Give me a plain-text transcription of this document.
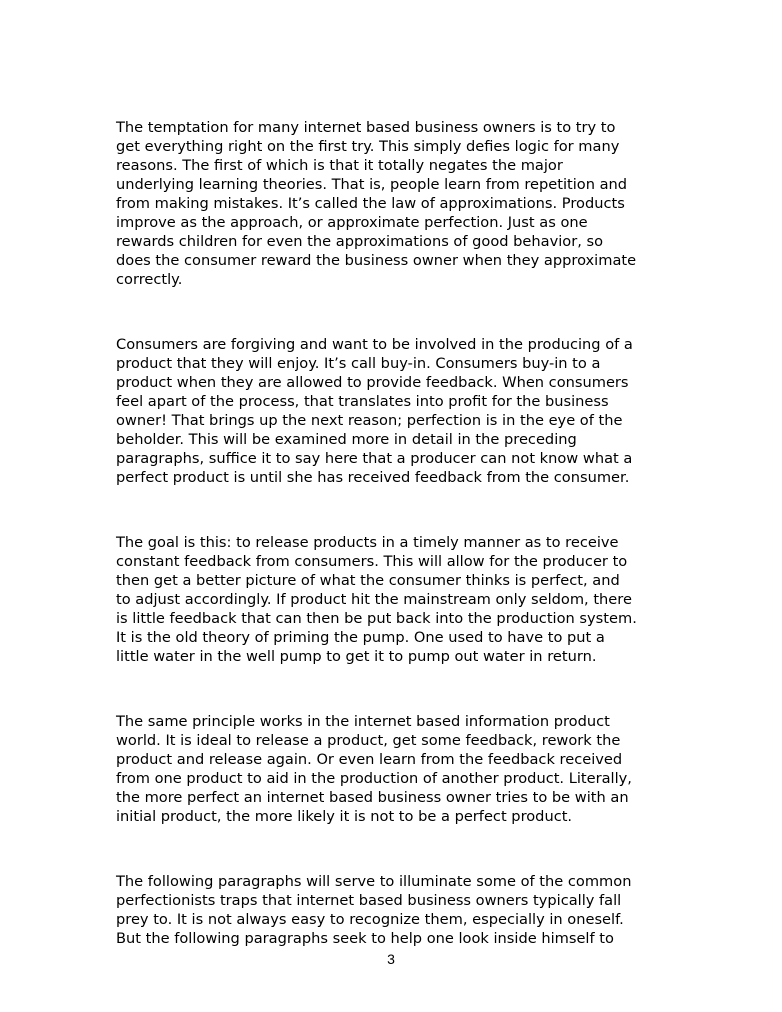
The temptation for many internet based business owners is to try to
get everything right on the first try. This simply defies logic for many
reasons. The first of which is that it totally negates the major
underlying learning theories. That is, people learn from repetition and
from making mistakes. It’s called the law of approximations. Products
improve as the approach, or approximate perfection. Just as one
rewards children for even the approximations of good behavior, so
does the consumer reward the business owner when they approximate
correctly.

Consumers are forgiving and want to be involved in the producing of a
product that they will enjoy. It’s call buy-in. Consumers buy-in to a
product when they are allowed to provide feedback. When consumers
feel apart of the process, that translates into profit for the business
owner! That brings up the next reason; perfection is in the eye of the
beholder. This will be examined more in detail in the preceding
paragraphs, suffice it to say here that a producer can not know what a
perfect product is until she has received feedback from the consumer.

The goal is this: to release products in a timely manner as to receive
constant feedback from consumers. This will allow for the producer to
then get a better picture of what the consumer thinks is perfect, and
to adjust accordingly. If product hit the mainstream only seldom, there
is little feedback that can then be put back into the production system.
It is the old theory of priming the pump. One used to have to put a
little water in the well pump to get it to pump out water in return.

The same principle works in the internet based information product
world. It is ideal to release a product, get some feedback, rework the
product and release again. Or even learn from the feedback received
from one product to aid in the production of another product. Literally,
the more perfect an internet based business owner tries to be with an
initial product, the more likely it is not to be a perfect product.

The following paragraphs will serve to illuminate some of the common
perfectionists traps that internet based business owners typically fall
prey to. It is not always easy to recognize them, especially in oneself.
But the following paragraphs seek to help one look inside himself to

3
